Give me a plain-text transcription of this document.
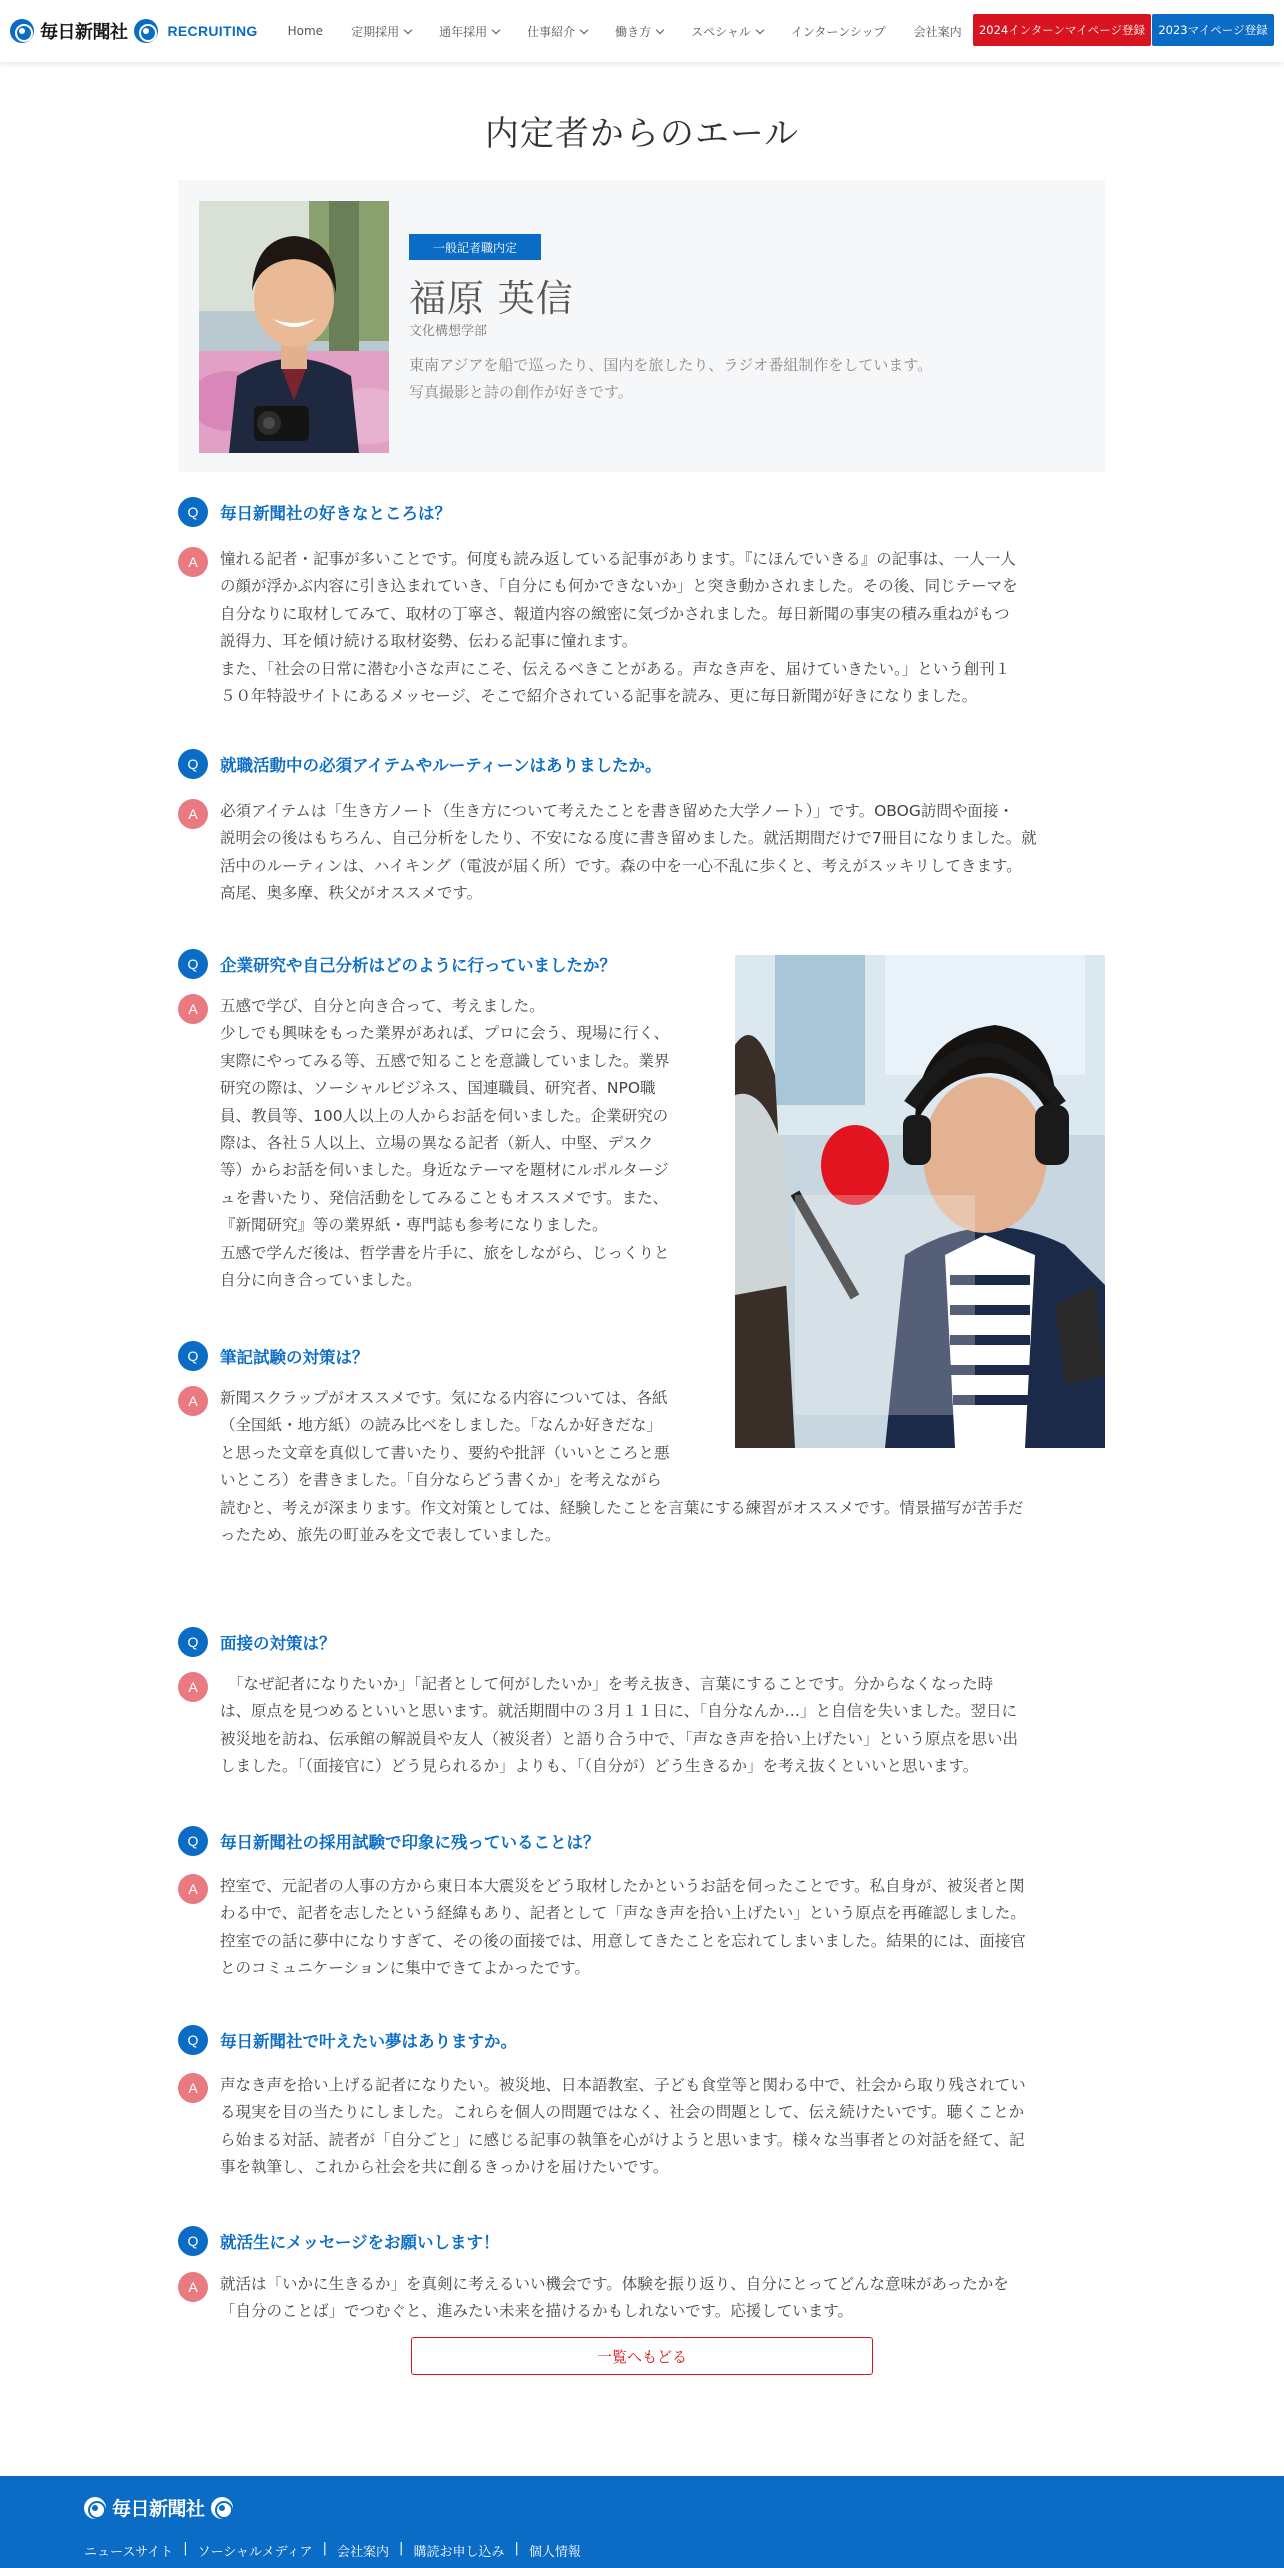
毎日新聞社	RECRUITING	Home 定期採用	通年採用	仕事紹介	働き方	スペシャル	インターンシップ 会社案内	2024インターンマイページ登録	2023マイページ登録
内定者からのエール
一般記者職内定
福原 英信
文化構想学部
東南アジアを船で巡ったり、国内を旅したり、ラジオ番組制作をしています。
写真撮影と詩の創作が好きです。
Q	毎日新聞社の好きなところは？
A	憧れる記者・記事が多いことです。何度も読み返している記事があります。『にほんでいきる』の記事は、一人一人
の顔が浮かぶ内容に引き込まれていき、「自分にも何かできないか」と突き動かされました。その後、同じテーマを
自分なりに取材してみて、取材の丁寧さ、報道内容の緻密に気づかされました。毎日新聞の事実の積み重ねがもつ
説得力、耳を傾け続ける取材姿勢、伝わる記事に憧れます。
また、「社会の日常に潜む小さな声にこそ、伝えるべきことがある。声なき声を、届けていきたい。」という創刊１
５０年特設サイトにあるメッセージ、そこで紹介されている記事を読み、更に毎日新聞が好きになりました。
Q	就職活動中の必須アイテムやルーティーンはありましたか。
A	必須アイテムは「生き方ノート（生き方について考えたことを書き留めた大学ノート）」です。OBOG訪問や面接・
説明会の後はもちろん、自己分析をしたり、不安になる度に書き留めました。就活期間だけで7冊目になりました。就
活中のルーティンは、ハイキング（電波が届く所）です。森の中を一心不乱に歩くと、考えがスッキリしてきます。
高尾、奥多摩、秩父がオススメです。
Q	企業研究や自己分析はどのように行っていましたか？
A	五感で学び、自分と向き合って、考えました。
少しでも興味をもった業界があれば、プロに会う、現場に行く、
実際にやってみる等、五感で知ることを意識していました。業界
研究の際は、ソーシャルビジネス、国連職員、研究者、NPO職
員、教員等、100人以上の人からお話を伺いました。企業研究の
際は、各社５人以上、立場の異なる記者（新人、中堅、デスク
等）からお話を伺いました。身近なテーマを題材にルポルタージ
ュを書いたり、発信活動をしてみることもオススメです。また、
『新聞研究』等の業界紙・専門誌も参考になりました。
五感で学んだ後は、哲学書を片手に、旅をしながら、じっくりと
自分に向き合っていました。
Q	筆記試験の対策は？
A	新聞スクラップがオススメです。気になる内容については、各紙
（全国紙・地方紙）の読み比べをしました。「なんか好きだな」
と思った文章を真似して書いたり、要約や批評（いいところと悪
いところ）を書きました。「自分ならどう書くか」を考えながら
読むと、考えが深まります。作文対策としては、経験したことを言葉にする練習がオススメです。情景描写が苦手だ
ったため、旅先の町並みを文で表していました。
Q	面接の対策は？
A	　「なぜ記者になりたいか」「記者として何がしたいか」を考え抜き、言葉にすることです。分からなくなった時
は、原点を見つめるといいと思います。就活期間中の３月１１日に、「自分なんか…」と自信を失いました。翌日に
被災地を訪ね、伝承館の解説員や友人（被災者）と語り合う中で、「声なき声を拾い上げたい」という原点を思い出
しました。「（面接官に）どう見られるか」よりも、「（自分が）どう生きるか」を考え抜くといいと思います。
Q	毎日新聞社の採用試験で印象に残っていることは？
A	控室で、元記者の人事の方から東日本大震災をどう取材したかというお話を伺ったことです。私自身が、被災者と関
わる中で、記者を志したという経緯もあり、記者として「声なき声を拾い上げたい」という原点を再確認しました。
控室での話に夢中になりすぎて、その後の面接では、用意してきたことを忘れてしまいました。結果的には、面接官
とのコミュニケーションに集中できてよかったです。
Q	毎日新聞社で叶えたい夢はありますか。
A	声なき声を拾い上げる記者になりたい。被災地、日本語教室、子ども食堂等と関わる中で、社会から取り残されてい
る現実を目の当たりにしました。これらを個人の問題ではなく、社会の問題として、伝え続けたいです。聴くことか
ら始まる対話、読者が「自分ごと」に感じる記事の執筆を心がけようと思います。様々な当事者との対話を経て、記
事を執筆し、これから社会を共に創るきっかけを届けたいです。
Q	就活生にメッセージをお願いします！
A	就活は「いかに生きるか」を真剣に考えるいい機会です。体験を振り返り、自分にとってどんな意味があったかを
「自分のことば」でつむぐと、進みたい未来を描けるかもしれないです。応援しています。
一覧へもどる
毎日新聞社
ニュースサイト | ソーシャルメディア | 会社案内 | 購読お申し込み | 個人情報
